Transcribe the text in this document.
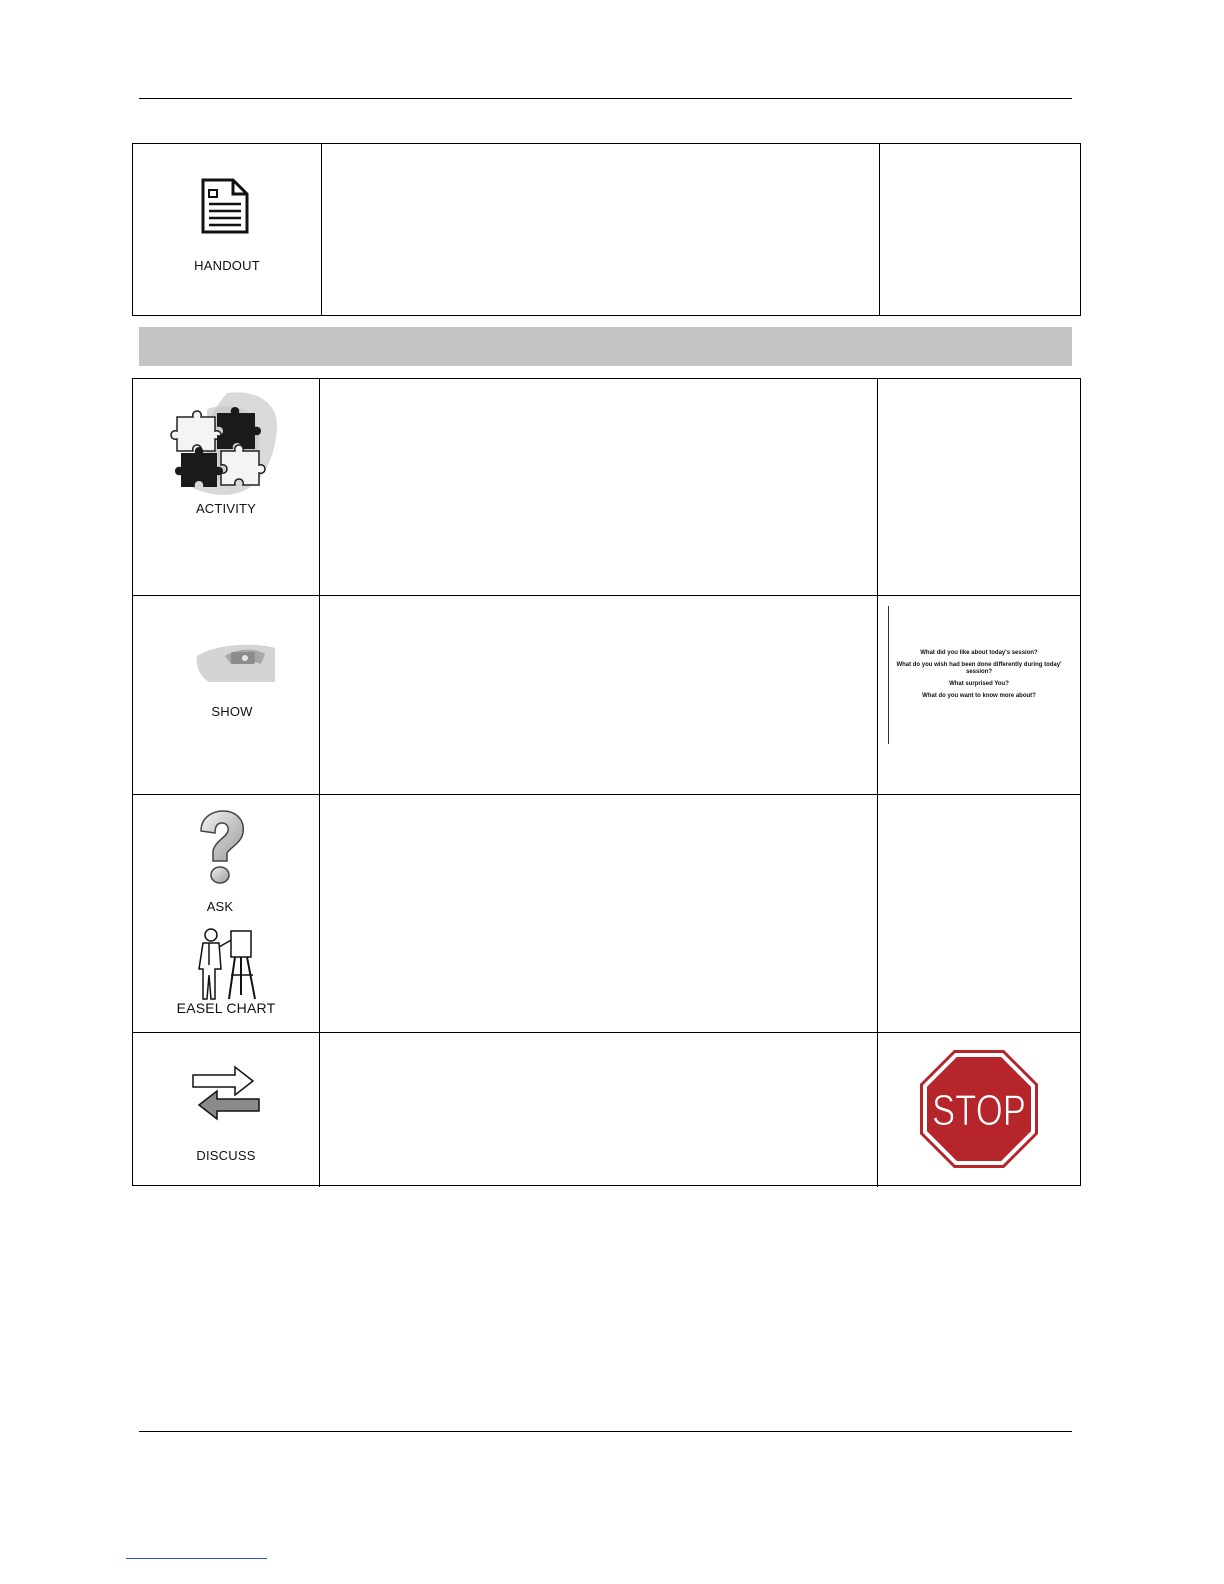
HANDOUT
ACTIVITY
SHOW
What did you like about today's session?
What do you wish had been done differently during today'
session?
What surprised You?
What do you want to know more about?
ASK
EASEL CHART
DISCUSS
STOP
